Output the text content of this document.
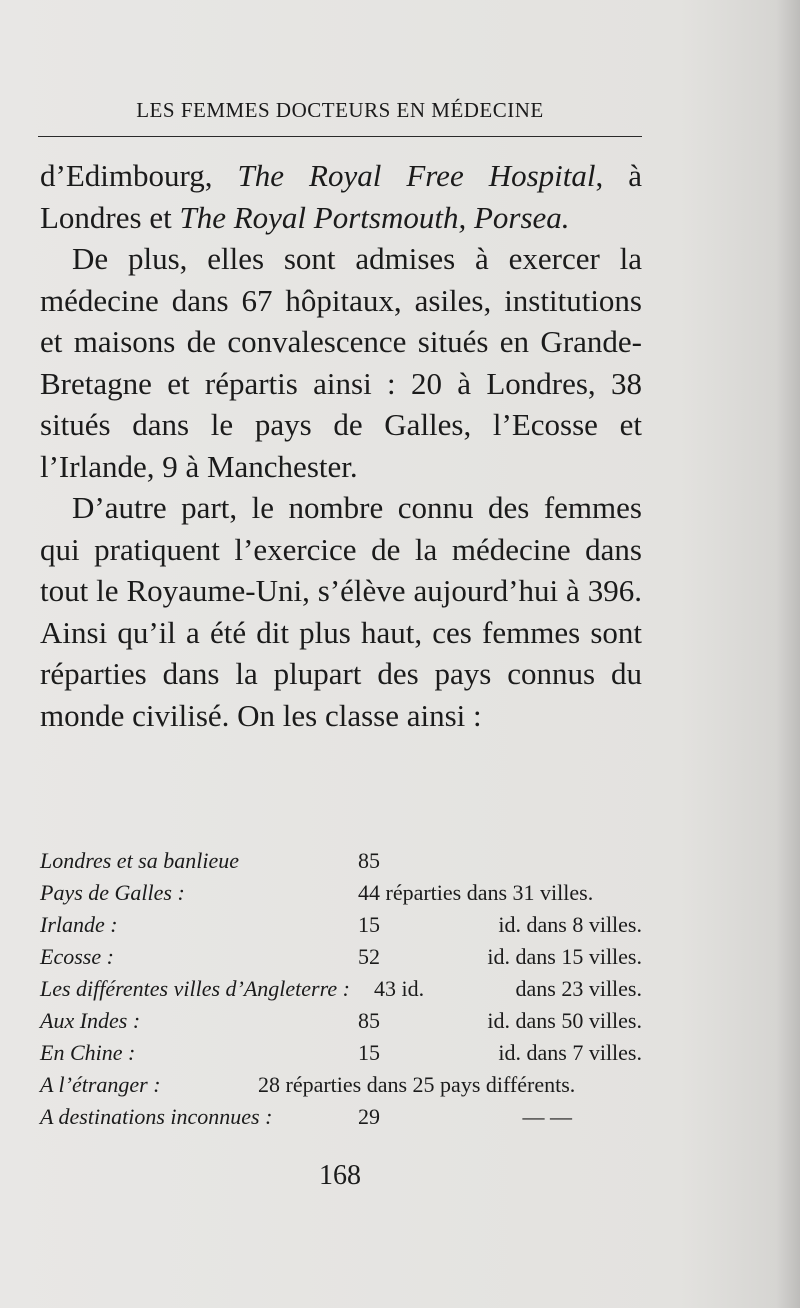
LES FEMMES DOCTEURS EN MÉDECINE

d’Edimbourg, The Royal Free Hospital, à Londres et The Royal Portsmouth, Porsea.

De plus, elles sont admises à exercer la médecine dans 67 hôpitaux, asiles, institutions et maisons de convalescence situés en Grande-Bretagne et répartis ainsi : 20 à Londres, 38 situés dans le pays de Galles, l’Ecosse et l’Irlande, 9 à Manchester.

D’autre part, le nombre connu des femmes qui pratiquent l’exercice de la médecine dans tout le Royaume-Uni, s’élève aujourd’hui à 396. Ainsi qu’il a été dit plus haut, ces femmes sont réparties dans la plupart des pays connus du monde civilisé. On les classe ainsi :

Londres et sa banlieue	85
Pays de Galles :	44 réparties dans 31 villes.
Irlande :	15	id. dans 8 villes.
Ecosse :	52	id. dans 15 villes.
Les différentes villes d’Angleterre : 43 id.	dans 23 villes.
Aux Indes :	85	id. dans 50 villes.
En Chine :	15	id. dans 7 villes.
A l’étranger :	28 réparties dans 25 pays différents.
A destinations inconnues :	29	— —
168
